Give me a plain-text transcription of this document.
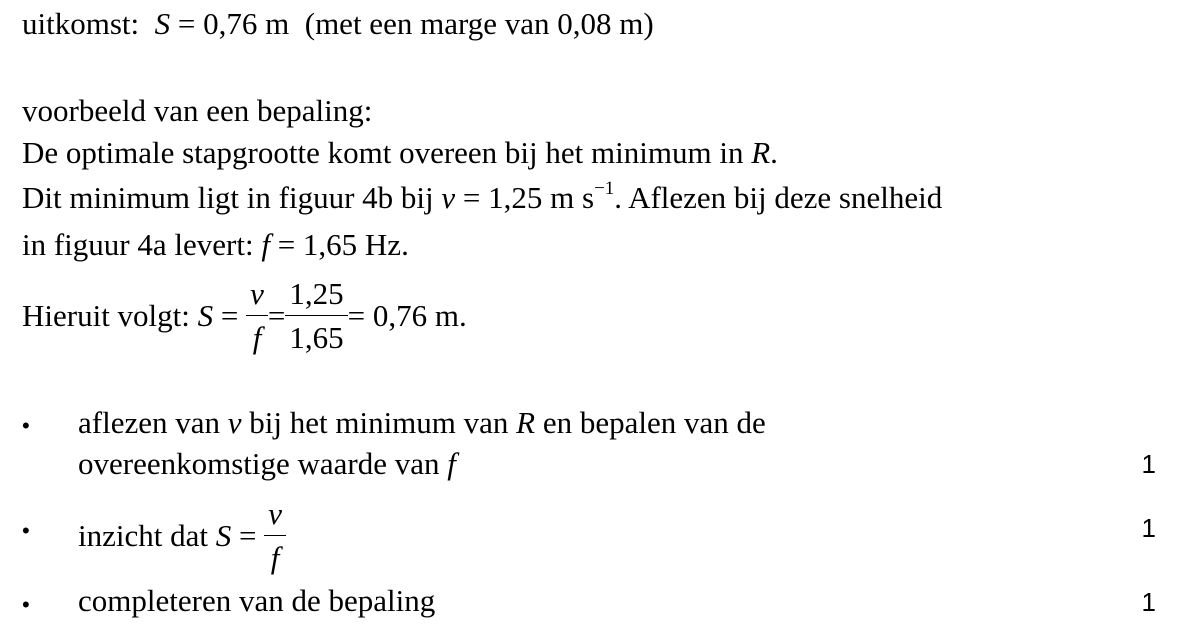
uitkomst: S = 0,76 m (met een marge van 0,08 m)
voorbeeld van een bepaling:
De optimale stapgrootte komt overeen bij het minimum in R.
Dit minimum ligt in figuur 4b bij v = 1,25 m $s^{-1}$. Aflezen bij deze snelheid
in figuur 4a levert: f = 1,65 Hz.
Hieruit volgt: $S = \frac{v}{f} = \frac{1,25}{1,65} = 0,76$ m.
• aflezen van v bij het minimum van R en bepalen van de
overeenkomstige waarde van f	1
• inzicht dat $S = \frac{v}{f}$	1
• completeren van de bepaling	1
